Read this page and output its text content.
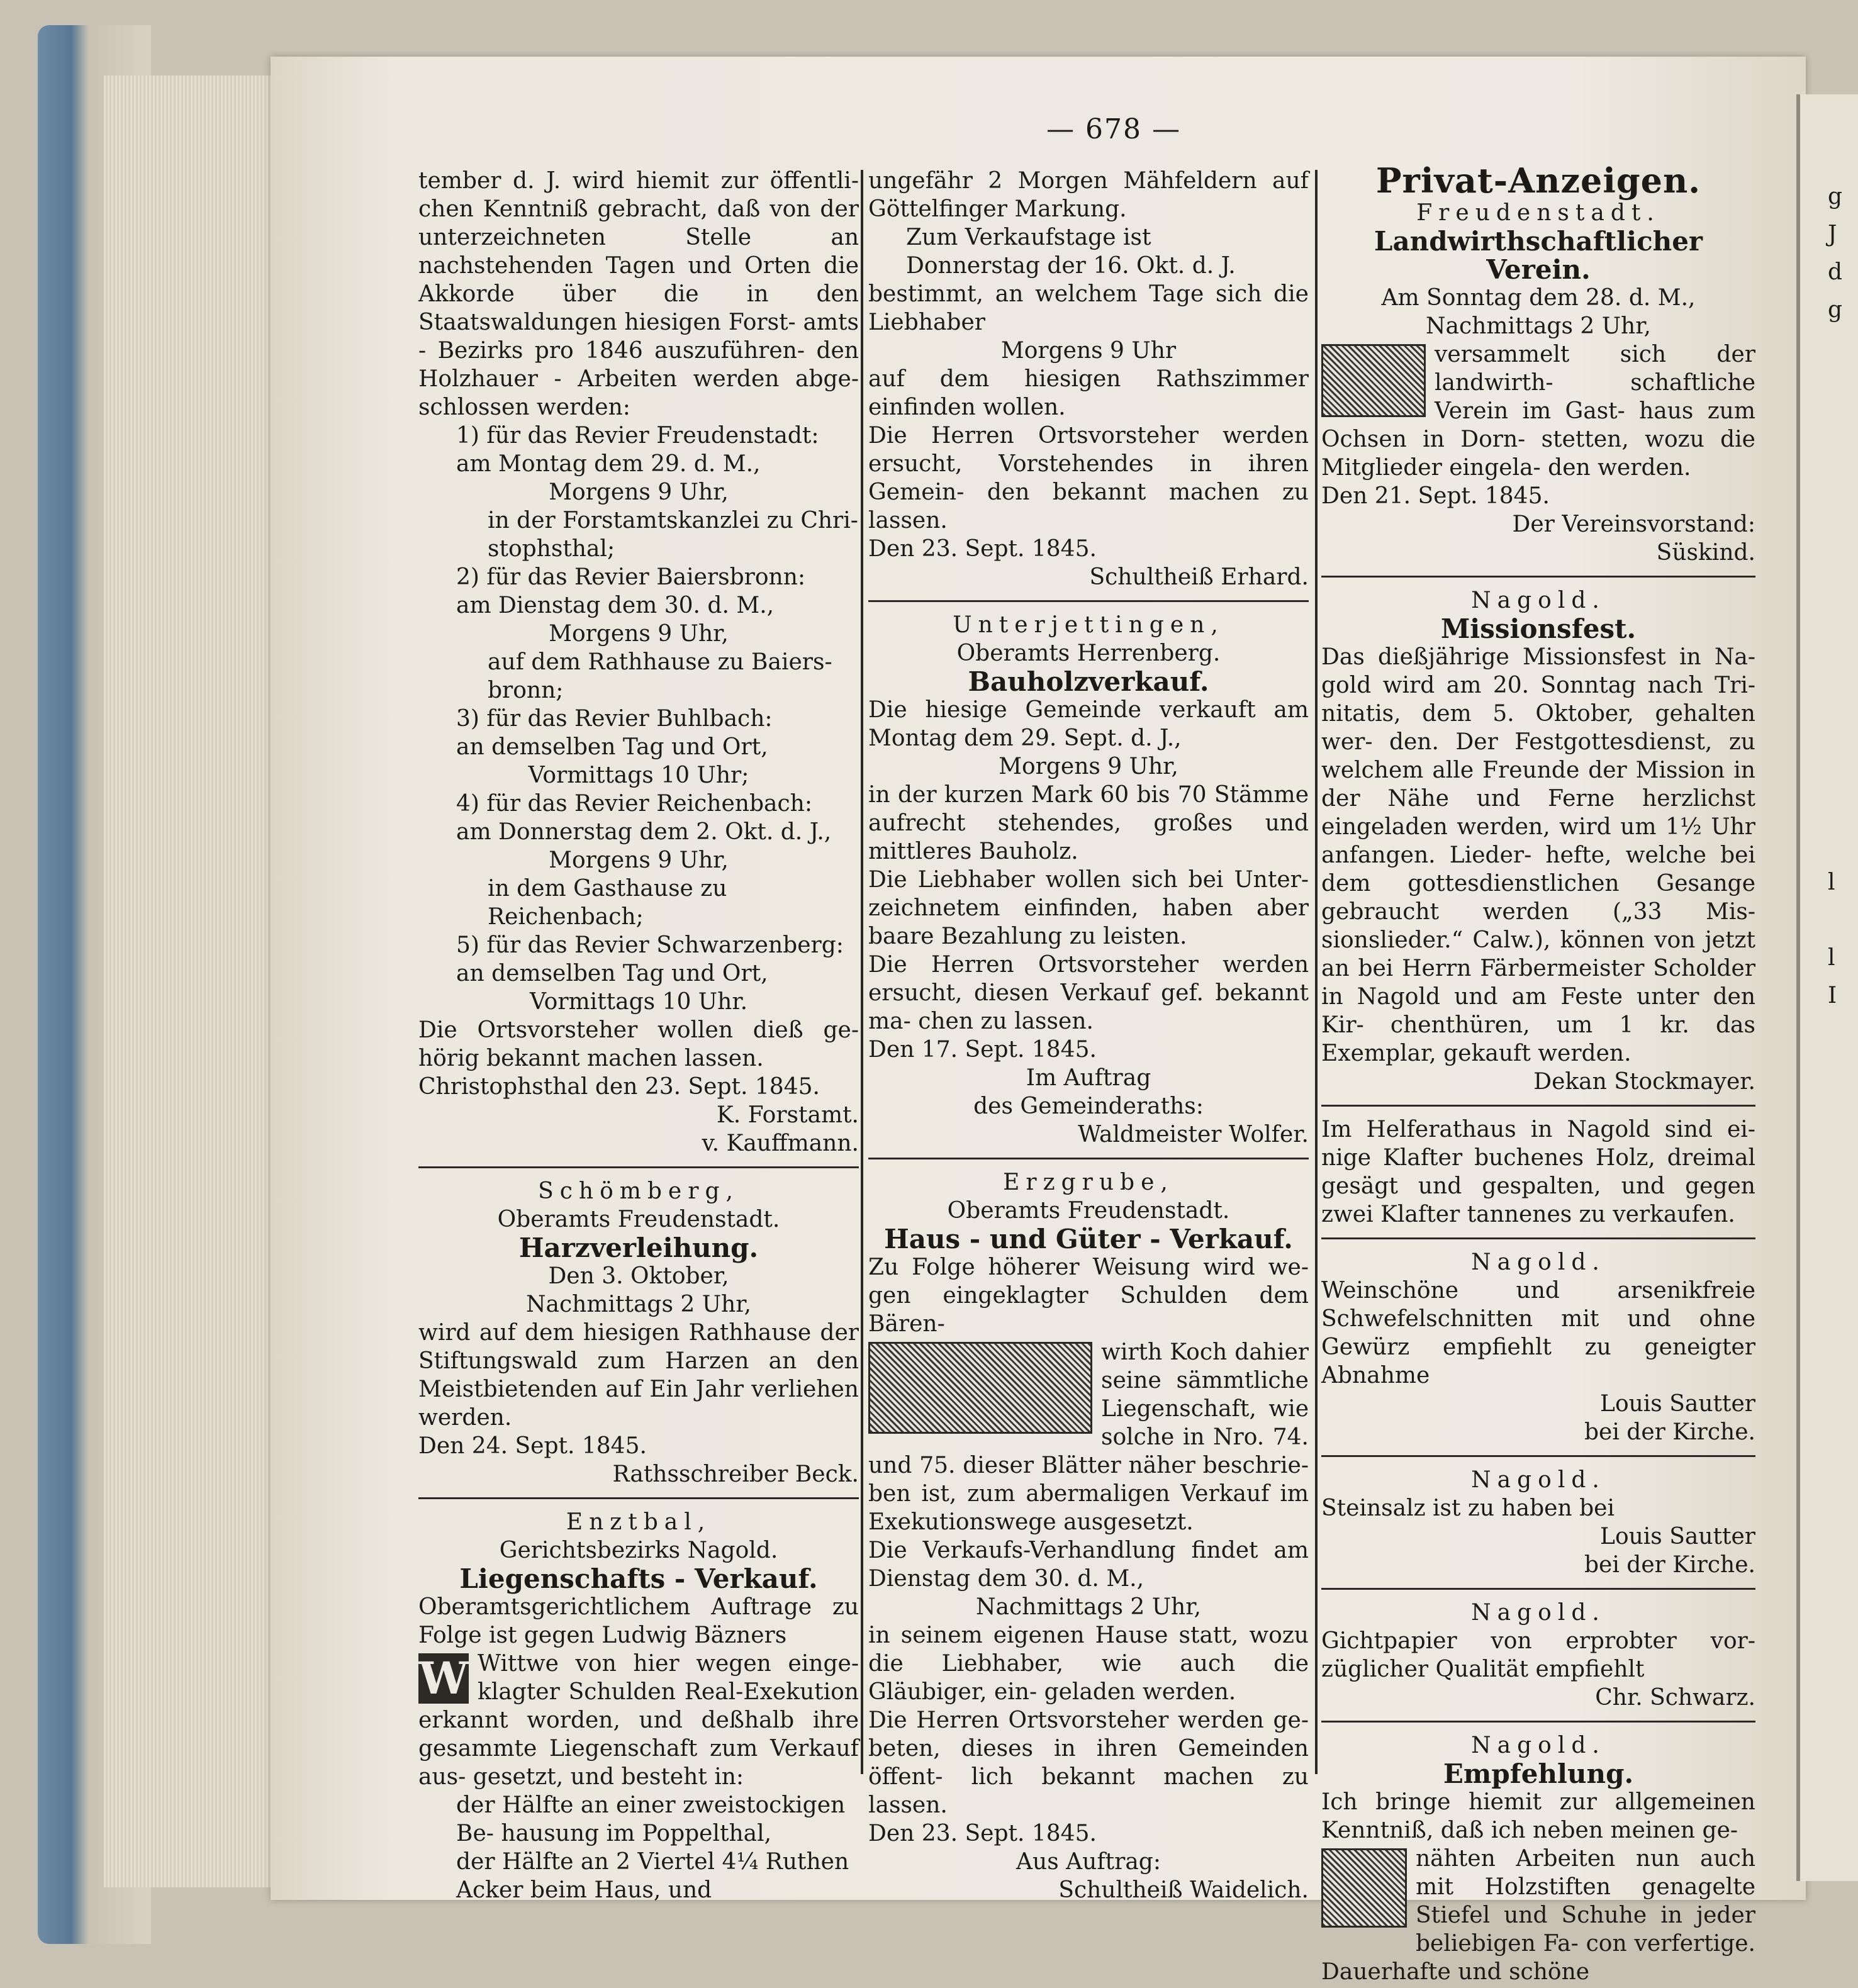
— 678 —

tember d. J. wird hiemit zur öffentli- chen Kenntniß gebracht, daß von der unterzeichneten Stelle an nachstehenden Tagen und Orten die Akkorde über die in den Staatswaldungen hiesigen Forst- amts - Bezirks pro 1846 auszuführen- den Holzhauer - Arbeiten werden abge- schlossen werden:

1) für das Revier Freudenstadt:

am Montag dem 29. d. M.,

Morgens 9 Uhr,

in der Forstamtskanzlei zu Chri- stophsthal;

2) für das Revier Baiersbronn:

am Dienstag dem 30. d. M.,

Morgens 9 Uhr,

auf dem Rathhause zu Baiers- bronn;

3) für das Revier Buhlbach:

an demselben Tag und Ort,

Vormittags 10 Uhr;

4) für das Revier Reichenbach:

am Donnerstag dem 2. Okt. d. J.,

Morgens 9 Uhr,

in dem Gasthause zu Reichenbach;

5) für das Revier Schwarzenberg:

an demselben Tag und Ort,

Vormittags 10 Uhr.

Die Ortsvorsteher wollen dieß ge- hörig bekannt machen lassen.

Christophsthal den 23. Sept. 1845.

K. Forstamt.

v. Kauffmann.

Schömberg,

Oberamts Freudenstadt.

Harzverleihung.

Den 3. Oktober,

Nachmittags 2 Uhr,

wird auf dem hiesigen Rathhause der Stiftungswald zum Harzen an den Meistbietenden auf Ein Jahr verliehen werden.

Den 24. Sept. 1845.

Rathsschreiber Beck.

Enztbal,

Gerichtsbezirks Nagold.

Liegenschafts - Verkauf.

Oberamtsgerichtlichem Auftrage zu Folge ist gegen Ludwig Bäzners

W Wittwe von hier wegen einge- klagter Schulden Real-Exekution erkannt worden, und deßhalb ihre gesammte Liegenschaft zum Verkauf aus- gesetzt, und besteht in:

der Hälfte an einer zweistockigen Be- hausung im Poppelthal,

der Hälfte an 2 Viertel 4¼ Ruthen Acker beim Haus, und

ungefähr 2 Morgen Mähfeldern auf Göttelfinger Markung.

Zum Verkaufstage ist

Donnerstag der 16. Okt. d. J.

bestimmt, an welchem Tage sich die Liebhaber

Morgens 9 Uhr

auf dem hiesigen Rathszimmer einfinden wollen.

Die Herren Ortsvorsteher werden ersucht, Vorstehendes in ihren Gemein- den bekannt machen zu lassen.

Den 23. Sept. 1845.

Schultheiß Erhard.

Unterjettingen,

Oberamts Herrenberg.

Bauholzverkauf.

Die hiesige Gemeinde verkauft am Montag dem 29. Sept. d. J.,

Morgens 9 Uhr,

in der kurzen Mark 60 bis 70 Stämme aufrecht stehendes, großes und mittleres Bauholz.

Die Liebhaber wollen sich bei Unter- zeichnetem einfinden, haben aber baare Bezahlung zu leisten.

Die Herren Ortsvorsteher werden ersucht, diesen Verkauf gef. bekannt ma- chen zu lassen.

Den 17. Sept. 1845.

Im Auftrag

des Gemeinderaths:

Waldmeister Wolfer.

Erzgrube,

Oberamts Freudenstadt.

Haus - und Güter - Verkauf.

Zu Folge höherer Weisung wird we- gen eingeklagter Schulden dem Bären-

wirth Koch dahier seine sämmtliche Liegenschaft, wie solche in Nro. 74. und 75. dieser Blätter näher beschrie- ben ist, zum abermaligen Verkauf im Exekutionswege ausgesetzt.

Die Verkaufs-Verhandlung findet am Dienstag dem 30. d. M.,

Nachmittags 2 Uhr,

in seinem eigenen Hause statt, wozu die Liebhaber, wie auch die Gläubiger, ein- geladen werden.

Die Herren Ortsvorsteher werden ge- beten, dieses in ihren Gemeinden öffent- lich bekannt machen zu lassen.

Den 23. Sept. 1845.

Aus Auftrag:

Schultheiß Waidelich.

Privat-Anzeigen.

Freudenstadt.

Landwirthschaftlicher Verein.

Am Sonntag dem 28. d. M.,

Nachmittags 2 Uhr,

versammelt sich der landwirth- schaftliche Verein im Gast- haus zum Ochsen in Dorn- stetten, wozu die Mitglieder eingela- den werden.

Den 21. Sept. 1845.

Der Vereinsvorstand:

Süskind.

Nagold.

Missionsfest.

Das dießjährige Missionsfest in Na- gold wird am 20. Sonntag nach Tri- nitatis, dem 5. Oktober, gehalten wer- den. Der Festgottesdienst, zu welchem alle Freunde der Mission in der Nähe und Ferne herzlichst eingeladen werden, wird um 1½ Uhr anfangen. Lieder- hefte, welche bei dem gottesdienstlichen Gesange gebraucht werden („33 Mis- sionslieder.“ Calw.), können von jetzt an bei Herrn Färbermeister Scholder in Nagold und am Feste unter den Kir- chenthüren, um 1 kr. das Exemplar, gekauft werden.

Dekan Stockmayer.

Im Helferathaus in Nagold sind ei- nige Klafter buchenes Holz, dreimal gesägt und gespalten, und gegen zwei Klafter tannenes zu verkaufen.

Nagold.

Weinschöne und arsenikfreie Schwefelschnitten mit und ohne Gewürz empfiehlt zu geneigter Abnahme

Louis Sautter

bei der Kirche.

Nagold.

Steinsalz ist zu haben bei

Louis Sautter

bei der Kirche.

Nagold.

Gichtpapier von erprobter vor- züglicher Qualität empfiehlt

Chr. Schwarz.

Nagold.

Empfehlung.

Ich bringe hiemit zur allgemeinen Kenntniß, daß ich neben meinen ge-

nähten Arbeiten nun auch mit Holzstiften genagelte Stiefel und Schuhe in jeder beliebigen Fa- con verfertige. Dauerhafte und schöne

g
J
d
g
l
l
I
